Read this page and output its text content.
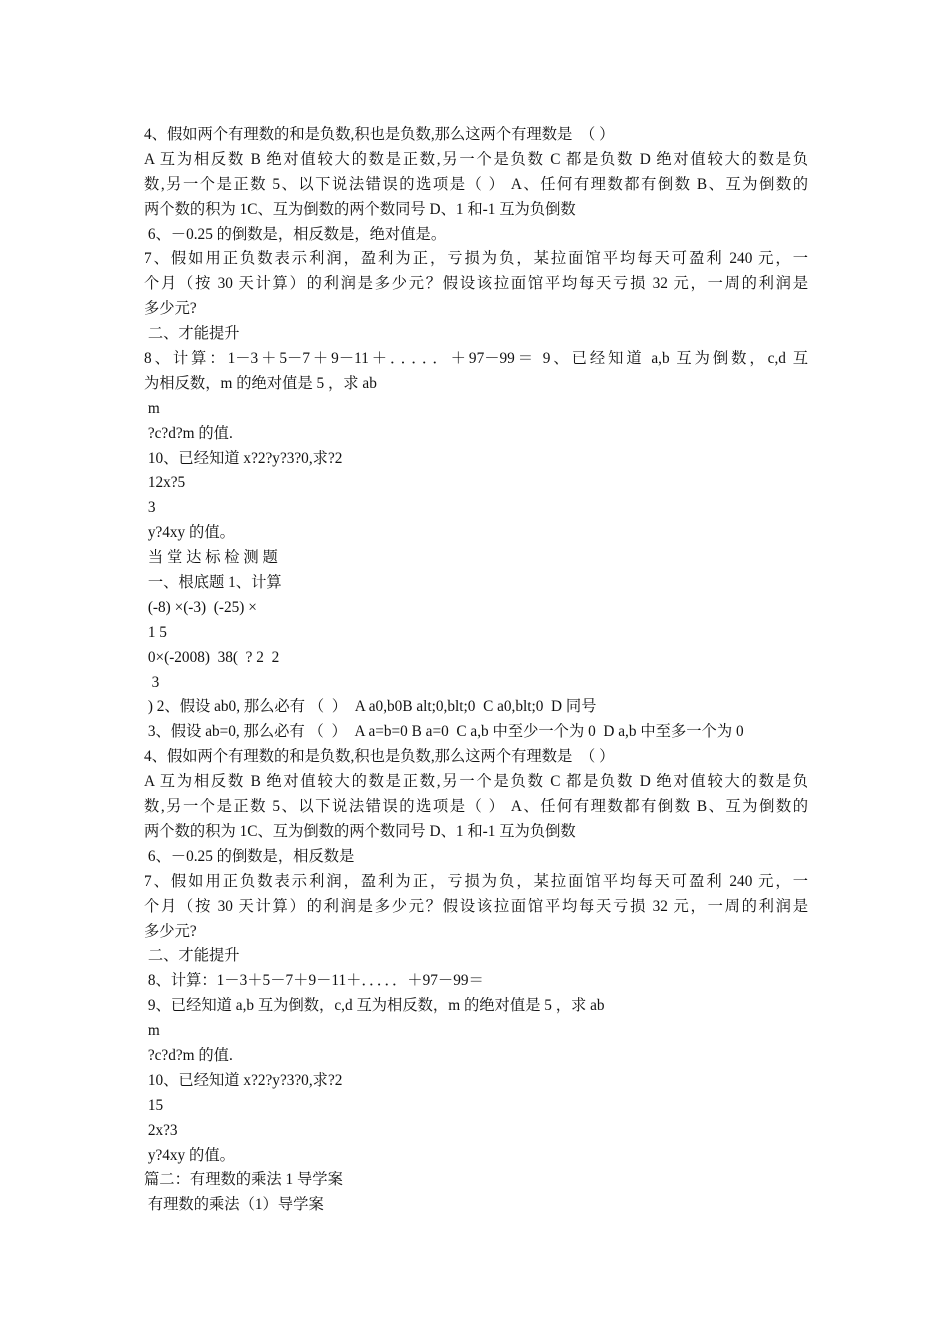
4、假如两个有理数的和是负数,积也是负数,那么这两个有理数是  （ ）
A 互为相反数 B 绝对值较大的数是正数,另一个是负数 C 都是负数 D 绝对值较大的数是负
数,另一个是正数 5、以下说法错误的选项是（ ） A、任何有理数都有倒数 B、互为倒数的
两个数的积为 1C、互为倒数的两个数同号 D、1 和-1 互为负倒数
6、－0.25 的倒数是，相反数是，绝对值是。
7、假如用正负数表示利润，盈利为正，亏损为负，某拉面馆平均每天可盈利 240 元，一
个月（按 30 天计算）的利润是多少元？假设该拉面馆平均每天亏损 32 元，一周的利润是
多少元?
二、才能提升
8、计算：1－3＋5－7＋9－11＋．．．．．＋97－99＝ 9、已经知道 a,b 互为倒数，c,d 互
为相反数，m 的绝对值是 5 ，求 ab
m
?c?d?m 的值.
10、已经知道 x?2?y?3?0,求?2
12x?5
3
y?4xy 的值。
当 堂 达 标 检 测 题
一、根底题 1、计算
(-8) ×(-3)  (-25) ×
1 5
0×(-2008)  38(  ? 2  2
3
) 2、假设 ab0, 那么必有 （  ）  A a0,b0B alt;0,blt;0  C a0,blt;0  D 同号
3、假设 ab=0, 那么必有 （  ）  A a=b=0 B a=0  C a,b 中至少一个为 0  D a,b 中至多一个为 0
4、假如两个有理数的和是负数,积也是负数,那么这两个有理数是  （ ）
A 互为相反数 B 绝对值较大的数是正数,另一个是负数 C 都是负数 D 绝对值较大的数是负
数,另一个是正数 5、以下说法错误的选项是（ ） A、任何有理数都有倒数 B、互为倒数的
两个数的积为 1C、互为倒数的两个数同号 D、1 和-1 互为负倒数
6、－0.25 的倒数是，相反数是
7、假如用正负数表示利润，盈利为正，亏损为负，某拉面馆平均每天可盈利 240 元，一
个月（按 30 天计算）的利润是多少元？假设该拉面馆平均每天亏损 32 元，一周的利润是
多少元?
二、才能提升
8、计算：1－3＋5－7＋9－11＋．．．．．＋97－99＝
9、已经知道 a,b 互为倒数，c,d 互为相反数，m 的绝对值是 5 ，求 ab
m
?c?d?m 的值.
10、已经知道 x?2?y?3?0,求?2
15
2x?3
y?4xy 的值。
篇二：有理数的乘法 1 导学案
有理数的乘法（1）导学案
